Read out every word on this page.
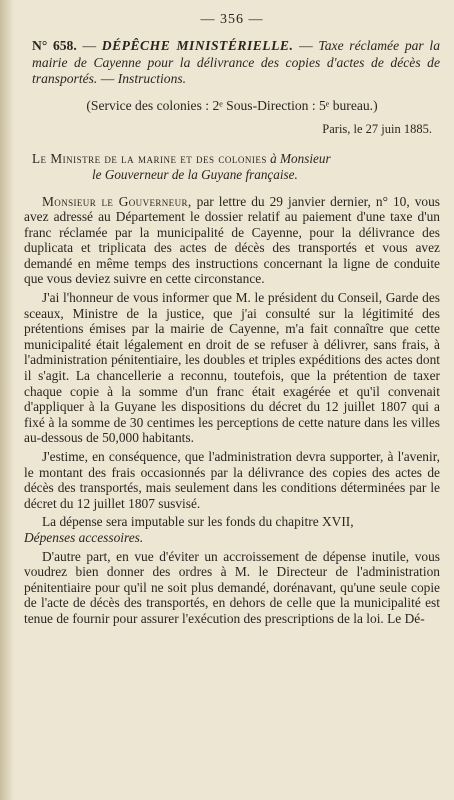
— 356 —
N° 658. — DÉPÊCHE MINISTÉRIELLE. — Taxe réclamée par la mairie de Cayenne pour la délivrance des copies d'actes de décès de transportés. — Instructions.
(Service des colonies : 2ᵉ Sous-Direction : 5ᵉ bureau.)
Paris, le 27 juin 1885.
Le Ministre de la marine et des colonies à Monsieur
le Gouverneur de la Guyane française.

Monsieur le Gouverneur, par lettre du 29 janvier dernier, n° 10, vous avez adressé au Département le dossier relatif au paiement d'une taxe d'un franc réclamée par la municipalité de Cayenne, pour la délivrance des duplicata et triplicata des actes de décès des transportés et vous avez demandé en même temps des instructions concernant la ligne de conduite que vous deviez suivre en cette circonstance.

J'ai l'honneur de vous informer que M. le président du Conseil, Garde des sceaux, Ministre de la justice, que j'ai consulté sur la légitimité des prétentions émises par la mairie de Cayenne, m'a fait connaître que cette municipalité était légalement en droit de se refuser à délivrer, sans frais, à l'administration pénitentiaire, les doubles et triples expéditions des actes dont il s'agit. La chancellerie a reconnu, toutefois, que la prétention de taxer chaque copie à la somme d'un franc était exagérée et qu'il convenait d'appliquer à la Guyane les dispositions du décret du 12 juillet 1807 qui a fixé à la somme de 30 centimes les perceptions de cette nature dans les villes au-dessous de 50,000 habitants.

J'estime, en conséquence, que l'administration devra supporter, à l'avenir, le montant des frais occasionnés par la délivrance des copies des actes de décès des transportés, mais seulement dans les conditions déterminées par le décret du 12 juillet 1807 susvisé.

La dépense sera imputable sur les fonds du chapitre XVII,
Dépenses accessoires.

D'autre part, en vue d'éviter un accroissement de dépense inutile, vous voudrez bien donner des ordres à M. le Directeur de l'administration pénitentiaire pour qu'il ne soit plus demandé, dorénavant, qu'une seule copie de l'acte de décès des transportés, en dehors de celle que la municipalité est tenue de fournir pour assurer l'exécution des prescriptions de la loi. Le Dé-
